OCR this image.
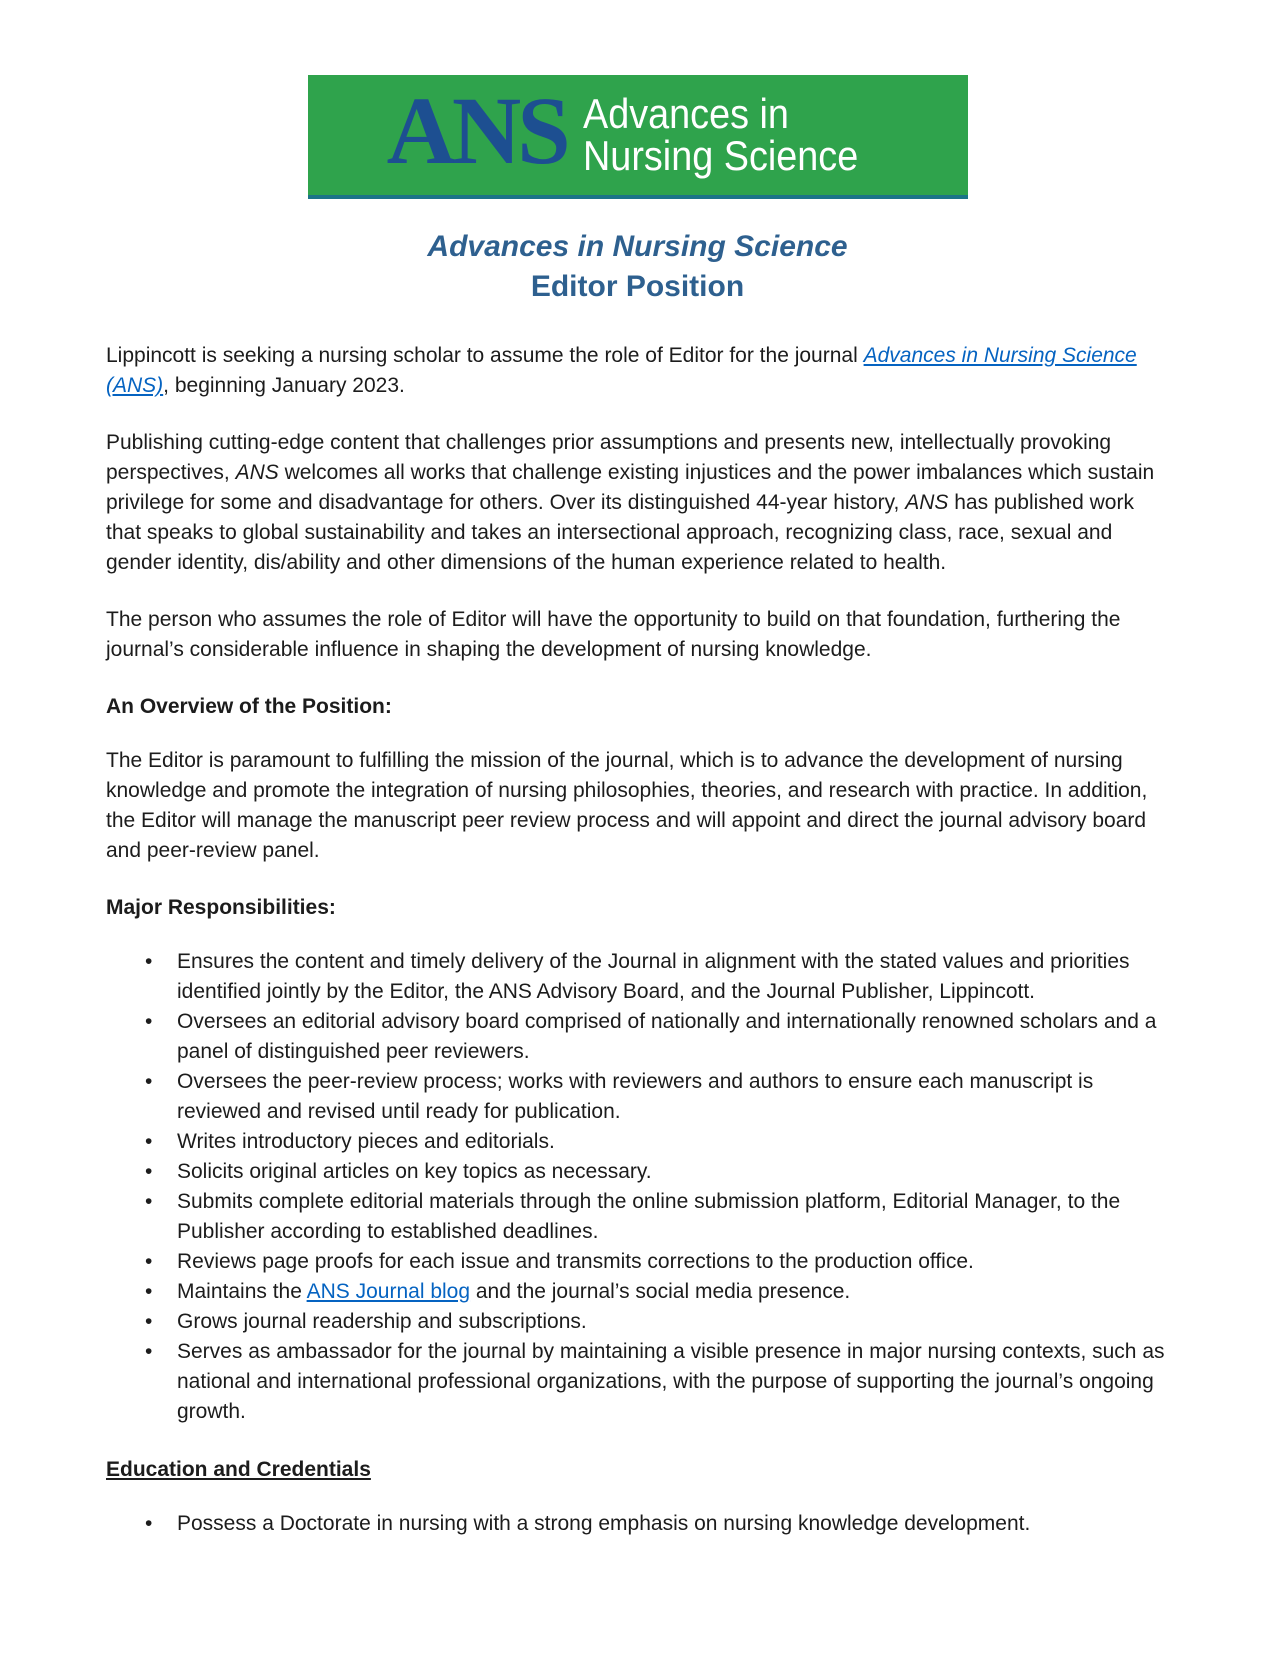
ANS Advances in
Nursing Science
Advances in Nursing Science
Editor Position

Lippincott is seeking a nursing scholar to assume the role of Editor for the journal Advances in Nursing Science (ANS), beginning January 2023.

Publishing cutting-edge content that challenges prior assumptions and presents new, intellectually provoking perspectives, ANS welcomes all works that challenge existing injustices and the power imbalances which sustain privilege for some and disadvantage for others. Over its distinguished 44-year history, ANS has published work that speaks to global sustainability and takes an intersectional approach, recognizing class, race, sexual and gender identity, dis/ability and other dimensions of the human experience related to health.

The person who assumes the role of Editor will have the opportunity to build on that foundation, furthering the journal’s considerable influence in shaping the development of nursing knowledge.

An Overview of the Position:

The Editor is paramount to fulfilling the mission of the journal, which is to advance the development of nursing knowledge and promote the integration of nursing philosophies, theories, and research with practice. In addition, the Editor will manage the manuscript peer review process and will appoint and direct the journal advisory board and peer-review panel.

Major Responsibilities:
•	Ensures the content and timely delivery of the Journal in alignment with the stated values and priorities identified jointly by the Editor, the ANS Advisory Board, and the Journal Publisher, Lippincott.
•	Oversees an editorial advisory board comprised of nationally and internationally renowned scholars and a panel of distinguished peer reviewers.
•	Oversees the peer-review process; works with reviewers and authors to ensure each manuscript is reviewed and revised until ready for publication.
•	Writes introductory pieces and editorials.
•	Solicits original articles on key topics as necessary.
•	Submits complete editorial materials through the online submission platform, Editorial Manager, to the Publisher according to established deadlines.
•	Reviews page proofs for each issue and transmits corrections to the production office.
•	Maintains the ANS Journal blog and the journal’s social media presence.
•	Grows journal readership and subscriptions.
•	Serves as ambassador for the journal by maintaining a visible presence in major nursing contexts, such as national and international professional organizations, with the purpose of supporting the journal’s ongoing growth.
Education and Credentials
•	Possess a Doctorate in nursing with a strong emphasis on nursing knowledge development.
